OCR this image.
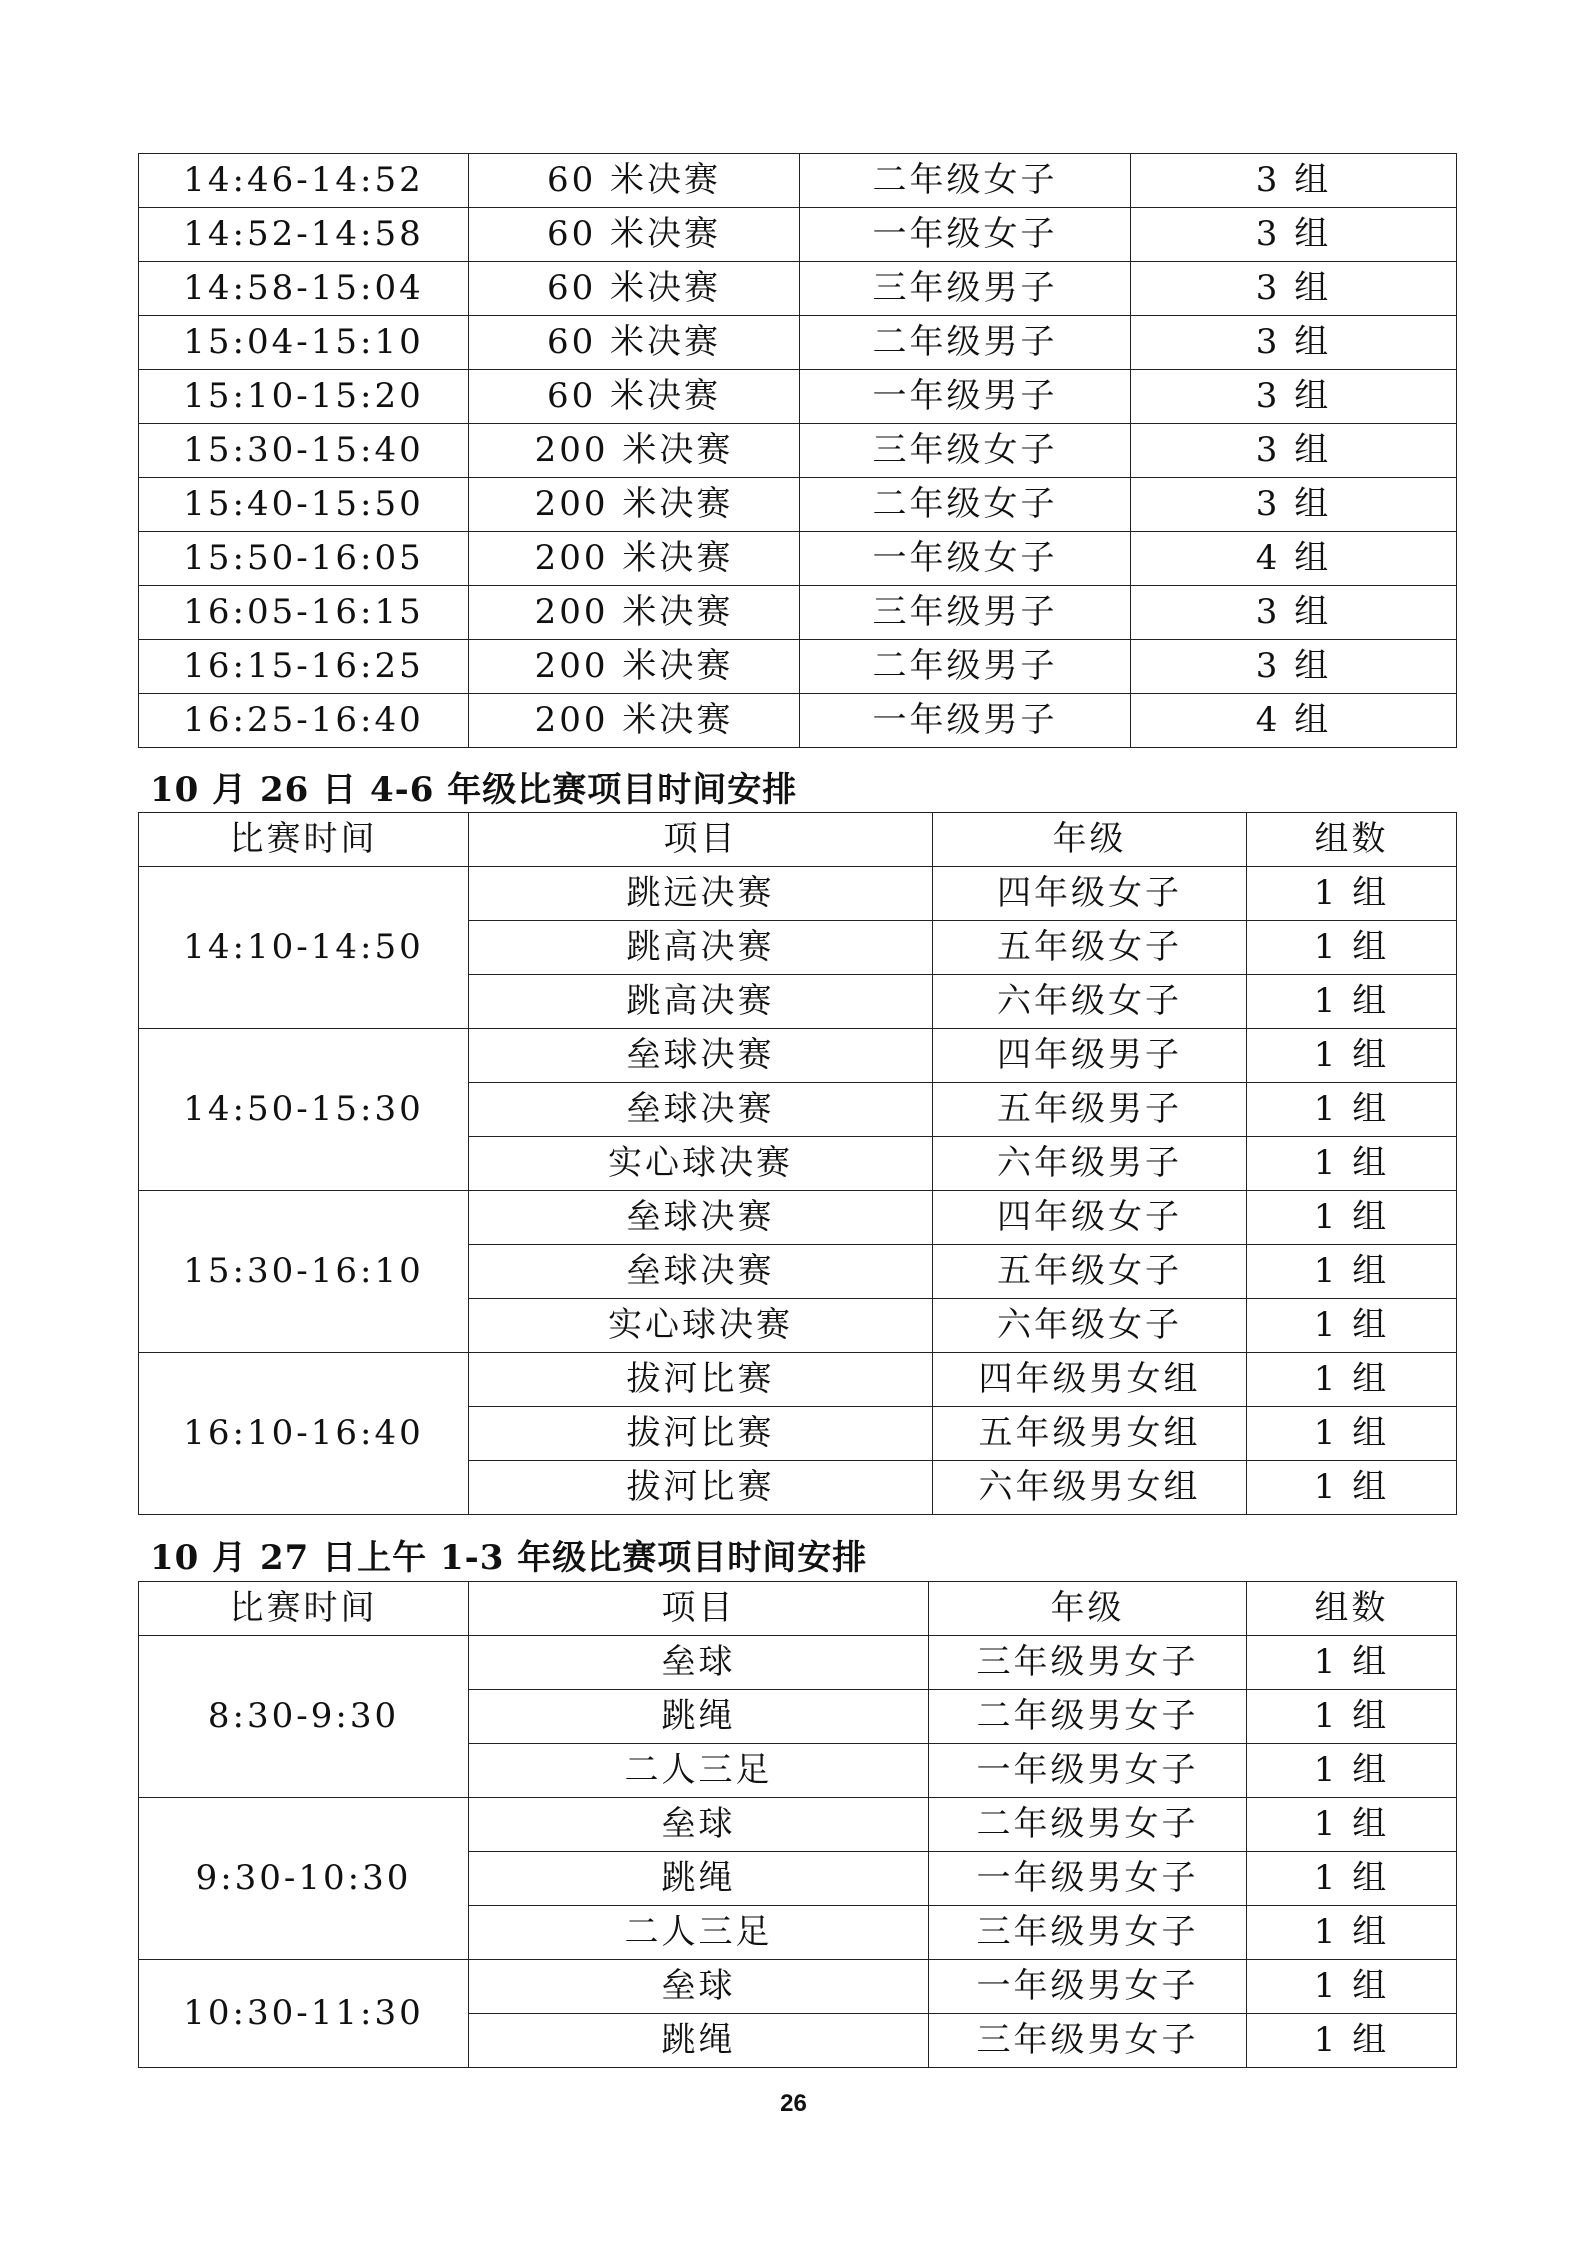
14:46-14:52	60 米决赛	二年级女子	3 组
14:52-14:58	60 米决赛	一年级女子	3 组
14:58-15:04	60 米决赛	三年级男子	3 组
15:04-15:10	60 米决赛	二年级男子	3 组
15:10-15:20	60 米决赛	一年级男子	3 组
15:30-15:40	200 米决赛	三年级女子	3 组
15:40-15:50	200 米决赛	二年级女子	3 组
15:50-16:05	200 米决赛	一年级女子	4 组
16:05-16:15	200 米决赛	三年级男子	3 组
16:15-16:25	200 米决赛	二年级男子	3 组
16:25-16:40	200 米决赛	一年级男子	4 组
10 月 26 日 4-6 年级比赛项目时间安排
比赛时间	项目	年级	组数
14:10-14:50	跳远决赛	四年级女子	1 组
	跳高决赛	五年级女子	1 组
	跳高决赛	六年级女子	1 组
14:50-15:30	垒球决赛	四年级男子	1 组
	垒球决赛	五年级男子	1 组
	实心球决赛	六年级男子	1 组
15:30-16:10	垒球决赛	四年级女子	1 组
	垒球决赛	五年级女子	1 组
	实心球决赛	六年级女子	1 组
16:10-16:40	拔河比赛	四年级男女组	1 组
	拔河比赛	五年级男女组	1 组
	拔河比赛	六年级男女组	1 组
10 月 27 日上午 1-3 年级比赛项目时间安排
比赛时间	项目	年级	组数
8:30-9:30	垒球	三年级男女子	1 组
	跳绳	二年级男女子	1 组
	二人三足	一年级男女子	1 组
9:30-10:30	垒球	二年级男女子	1 组
	跳绳	一年级男女子	1 组
	二人三足	三年级男女子	1 组
10:30-11:30	垒球	一年级男女子	1 组
	跳绳	三年级男女子	1 组
26
